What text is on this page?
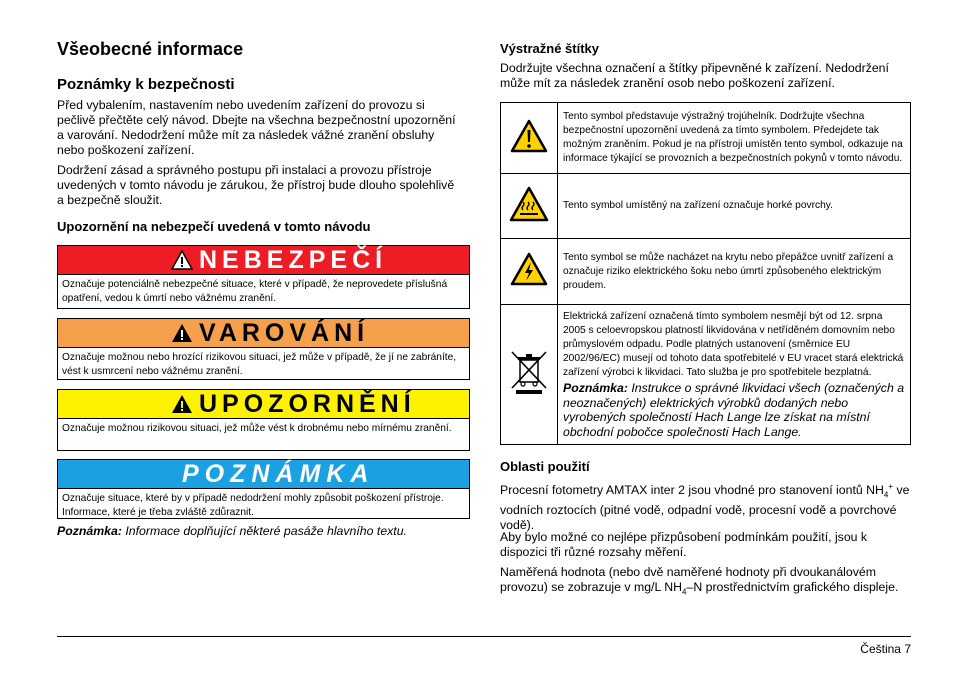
Všeobecné informace
Poznámky k bezpečnosti

Před vybalením, nastavením nebo uvedením zařízení do provozu si pečlivě přečtěte celý návod. Dbejte na všechna bezpečnostní upozornění a varování. Nedodržení může mít za následek vážné zranění obsluhy nebo poškození zařízení.

Dodržení zásad a správného postupu při instalaci a provozu přístroje uvedených v tomto návodu je zárukou, že přístroj bude dlouho spolehlivě a bezpečně sloužit.

Upozornění na nebezpečí uvedená v tomto návodu
NEBEZPEČÍ
Označuje potenciálně nebezpečné situace, které v případě, že neprovedete příslušná opatření, vedou k úmrtí nebo vážnému zranění.
VAROVÁNÍ
Označuje možnou nebo hrozící rizikovou situaci, jež může v případě, že jí ne zabráníte, vést k usmrcení nebo vážnému zranění.
UPOZORNĚNÍ
Označuje možnou rizikovou situaci, jež může vést k drobnému nebo mírnému zranění.
POZNÁMKA
Označuje situace, které by v případě nedodržení mohly způsobit poškození přístroje. Informace, které je třeba zvláště zdůraznit.
Poznámka: Informace doplňující některé pasáže hlavního textu.
Výstražné štítky

Dodržujte všechna označení a štítky připevněné k zařízení. Nedodržení může mít za následek zranění osob nebo poškození zařízení.

	Tento symbol představuje výstražný trojúhelník. Dodržujte všechna bezpečnostní upozornění uvedená za tímto symbolem. Předejdete tak možným zraněním. Pokud je na přístroji umístěn tento symbol, odkazuje na informace týkající se provozních a bezpečnostních pokynů v tomto návodu.
	Tento symbol umístěný na zařízení označuje horké povrchy.
	Tento symbol se může nacházet na krytu nebo přepážce uvnitř zařízení a označuje riziko elektrického šoku nebo úmrtí způsobeného elektrickým proudem.

Elektrická zařízení označená tímto symbolem nesmějí být od 12. srpna 2005 s celoevropskou platností likvidována v netříděném domovním nebo průmyslovém odpadu. Podle platných ustanovení (směrnice EU 2002/96/EC) musejí od tohoto data spotřebitelé v EU vracet stará elektrická zařízení výrobci k likvidaci. Tato služba je pro spotřebitele bezplatná.
Poznámka: Instrukce o správné likvidaci všech (označených a neoznačených) elektrických výrobků dodaných nebo vyrobených společností Hach Lange lze získat na místní obchodní pobočce společnosti Hach Lange.
Oblasti použití

Procesní fotometry AMTAX inter 2 jsou vhodné pro stanovení iontů $NH_4^+$ ve vodních roztocích (pitné vodě, odpadní vodě, procesní vodě a povrchové vodě).

Aby bylo možné co nejlépe přizpůsobení podmínkám použití, jsou k dispozici tři různé rozsahy měření.

Naměřená hodnota (nebo dvě naměřené hodnoty při dvoukanálovém provozu) se zobrazuje v mg/L $NH_4-N$ prostřednictvím grafického displeje.

Čeština 7
